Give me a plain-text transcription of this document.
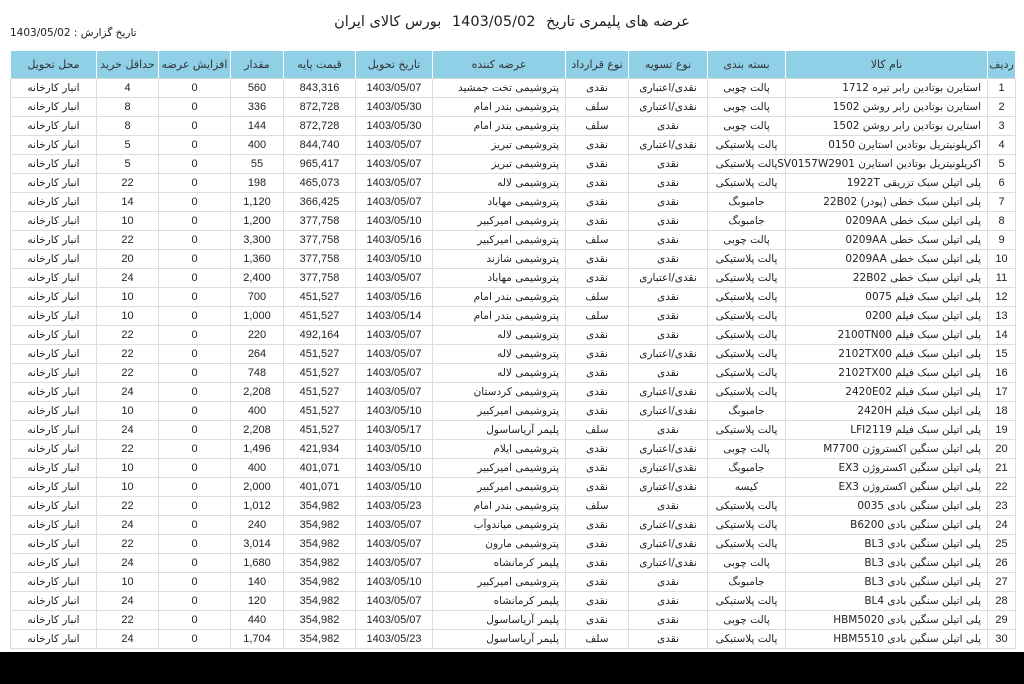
عرضه های پلیمری تاریخ 1403/05/02 بورس کالای ایران
تاریخ گزارش : 1403/05/02
ردیف	نام کالا	بسته بندی	نوع تسویه	نوع قرارداد	عرضه کننده	تاریخ تحویل	قیمت پایه	مقدار	افزایش عرضه	حداقل خرید	محل تحویل
1	استایرن بوتادین رابر تیره 1712	پالت چوبی	نقدی/اعتباری	نقدی	پتروشیمی تخت جمشید	1403/05/07	843,316	560	0	4	انبار کارخانه
2	استایرن بوتادین رابر روشن 1502	پالت چوبی	نقدی/اعتباری	سلف	پتروشیمی بندر امام	1403/05/30	872,728	336	0	8	انبار کارخانه
3	استایرن بوتادین رابر روشن 1502	پالت چوبی	نقدی	سلف	پتروشیمی بندر امام	1403/05/30	872,728	144	0	8	انبار کارخانه
4	اکریلونیتریل بوتادین استایرن 0150	پالت پلاستیکی	نقدی/اعتباری	نقدی	پتروشیمی تبریز	1403/05/07	844,740	400	0	5	انبار کارخانه
5	اکریلونیتریل بوتادین استایرن SV0157W2901	پالت پلاستیکی	نقدی	نقدی	پتروشیمی تبریز	1403/05/07	965,417	55	0	5	انبار کارخانه
6	پلی اتیلن سبک تزریقی 1922T	پالت پلاستیکی	نقدی	نقدی	پتروشیمی لاله	1403/05/07	465,073	198	0	22	انبار کارخانه
7	پلی اتیلن سبک خطی (پودر) 22B02	جامبوبگ	نقدی	نقدی	پتروشیمی مهاباد	1403/05/07	366,425	1,120	0	14	انبار کارخانه
8	پلی اتیلن سبک خطی 0209AA	جامبوبگ	نقدی	نقدی	پتروشیمی امیرکبیر	1403/05/10	377,758	1,200	0	10	انبار کارخانه
9	پلی اتیلن سبک خطی 0209AA	پالت چوبی	نقدی	سلف	پتروشیمی امیرکبیر	1403/05/16	377,758	3,300	0	22	انبار کارخانه
10	پلی اتیلن سبک خطی 0209AA	پالت پلاستیکی	نقدی	نقدی	پتروشیمی شازند	1403/05/10	377,758	1,360	0	20	انبار کارخانه
11	پلی اتیلن سبک خطی 22B02	پالت پلاستیکی	نقدی/اعتباری	نقدی	پتروشیمی مهاباد	1403/05/07	377,758	2,400	0	24	انبار کارخانه
12	پلی اتیلن سبک فیلم 0075	پالت پلاستیکی	نقدی	سلف	پتروشیمی بندر امام	1403/05/16	451,527	700	0	10	انبار کارخانه
13	پلی اتیلن سبک فیلم 0200	پالت پلاستیکی	نقدی	سلف	پتروشیمی بندر امام	1403/05/14	451,527	1,000	0	10	انبار کارخانه
14	پلی اتیلن سبک فیلم 2100TN00	پالت پلاستیکی	نقدی	نقدی	پتروشیمی لاله	1403/05/07	492,164	220	0	22	انبار کارخانه
15	پلی اتیلن سبک فیلم 2102TX00	پالت پلاستیکی	نقدی/اعتباری	نقدی	پتروشیمی لاله	1403/05/07	451,527	264	0	22	انبار کارخانه
16	پلی اتیلن سبک فیلم 2102TX00	پالت پلاستیکی	نقدی	نقدی	پتروشیمی لاله	1403/05/07	451,527	748	0	22	انبار کارخانه
17	پلی اتیلن سبک فیلم 2420E02	پالت پلاستیکی	نقدی/اعتباری	نقدی	پتروشیمی کردستان	1403/05/07	451,527	2,208	0	24	انبار کارخانه
18	پلی اتیلن سبک فیلم 2420H	جامبوبگ	نقدی/اعتباری	نقدی	پتروشیمی امیرکبیر	1403/05/10	451,527	400	0	10	انبار کارخانه
19	پلی اتیلن سبک فیلم LFI2119	پالت پلاستیکی	نقدی	سلف	پلیمر آریاساسول	1403/05/17	451,527	2,208	0	24	انبار کارخانه
20	پلی اتیلن سنگین اکستروژن M7700	پالت چوبی	نقدی/اعتباری	نقدی	پتروشیمی ایلام	1403/05/10	421,934	1,496	0	22	انبار کارخانه
21	پلی اتیلن سنگین اکستروژن EX3	جامبوبگ	نقدی/اعتباری	نقدی	پتروشیمی امیرکبیر	1403/05/10	401,071	400	0	10	انبار کارخانه
22	پلی اتیلن سنگین اکستروژن EX3	کیسه	نقدی/اعتباری	نقدی	پتروشیمی امیرکبیر	1403/05/10	401,071	2,000	0	10	انبار کارخانه
23	پلی اتیلن سنگین بادی 0035	پالت پلاستیکی	نقدی	سلف	پتروشیمی بندر امام	1403/05/23	354,982	1,012	0	22	انبار کارخانه
24	پلی اتیلن سنگین بادی B6200	پالت پلاستیکی	نقدی/اعتباری	نقدی	پتروشیمی میاندوآب	1403/05/07	354,982	240	0	24	انبار کارخانه
25	پلی اتیلن سنگین بادی BL3	پالت پلاستیکی	نقدی/اعتباری	نقدی	پتروشیمی مارون	1403/05/07	354,982	3,014	0	22	انبار کارخانه
26	پلی اتیلن سنگین بادی BL3	پالت چوبی	نقدی/اعتباری	نقدی	پلیمر کرمانشاه	1403/05/07	354,982	1,680	0	24	انبار کارخانه
27	پلی اتیلن سنگین بادی BL3	جامبوبگ	نقدی	نقدی	پتروشیمی امیرکبیر	1403/05/10	354,982	140	0	10	انبار کارخانه
28	پلی اتیلن سنگین بادی BL4	پالت پلاستیکی	نقدی	نقدی	پلیمر کرمانشاه	1403/05/07	354,982	120	0	24	انبار کارخانه
29	پلی اتیلن سنگین بادی HBM5020	پالت چوبی	نقدی	نقدی	پلیمر آریاساسول	1403/05/07	354,982	440	0	22	انبار کارخانه
30	پلی اتیلن سنگین بادی HBM5510	پالت پلاستیکی	نقدی	سلف	پلیمر آریاساسول	1403/05/23	354,982	1,704	0	24	انبار کارخانه
